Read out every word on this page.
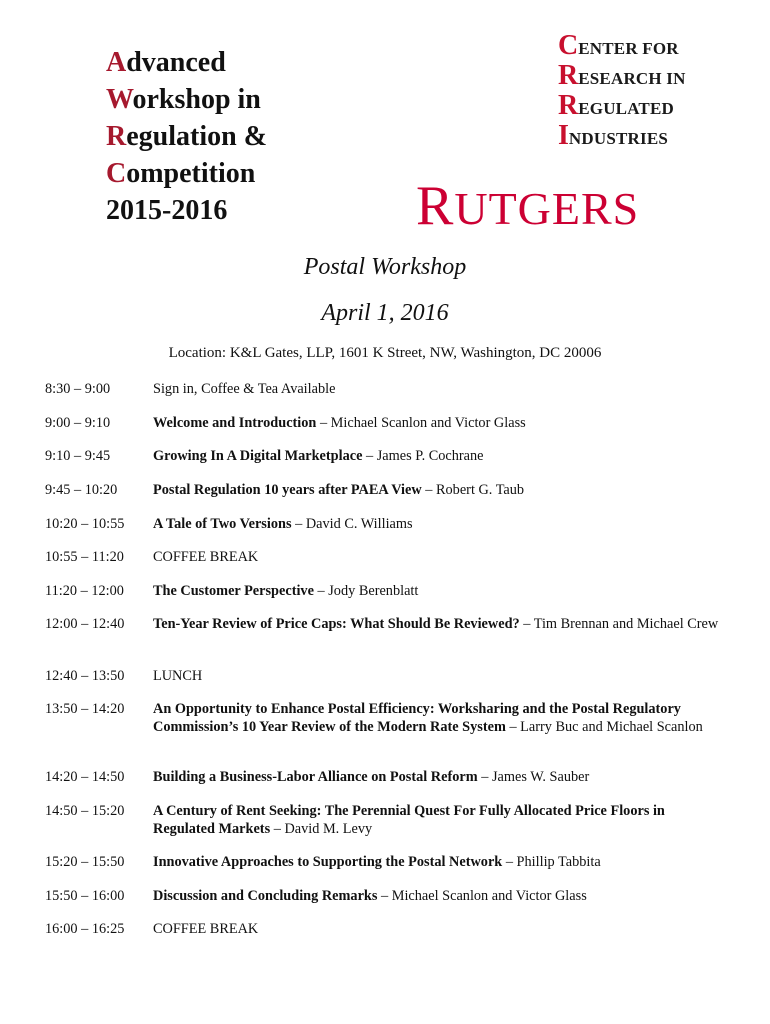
Advanced
Workshop in
Regulation &
Competition
2015-2016
CENTER FOR
RESEARCH IN
REGULATED
INDUSTRIES
RUTGERS
Postal Workshop
April 1, 2016
Location: K&L Gates, LLP, 1601 K Street, NW, Washington, DC 20006
8:30 – 9:00	Sign in, Coffee & Tea Available
9:00 – 9:10	Welcome and Introduction – Michael Scanlon and Victor Glass
9:10 – 9:45	Growing In A Digital Marketplace – James P. Cochrane
9:45 – 10:20	Postal Regulation 10 years after PAEA View – Robert G. Taub
10:20 – 10:55	A Tale of Two Versions – David C. Williams
10:55 – 11:20	COFFEE BREAK
11:20 – 12:00	The Customer Perspective – Jody Berenblatt
12:00 – 12:40	Ten-Year Review of Price Caps: What Should Be Reviewed? – Tim Brennan and Michael Crew
12:40 – 13:50	LUNCH
13:50 – 14:20	An Opportunity to Enhance Postal Efficiency: Worksharing and the Postal Regulatory Commission’s 10 Year Review of the Modern Rate System – Larry Buc and Michael Scanlon
14:20 – 14:50	Building a Business-Labor Alliance on Postal Reform – James W. Sauber
14:50 – 15:20	A Century of Rent Seeking: The Perennial Quest For Fully Allocated Price Floors in Regulated Markets – David M. Levy
15:20 – 15:50	Innovative Approaches to Supporting the Postal Network – Phillip Tabbita
15:50 – 16:00	Discussion and Concluding Remarks – Michael Scanlon and Victor Glass
16:00 – 16:25	COFFEE BREAK
